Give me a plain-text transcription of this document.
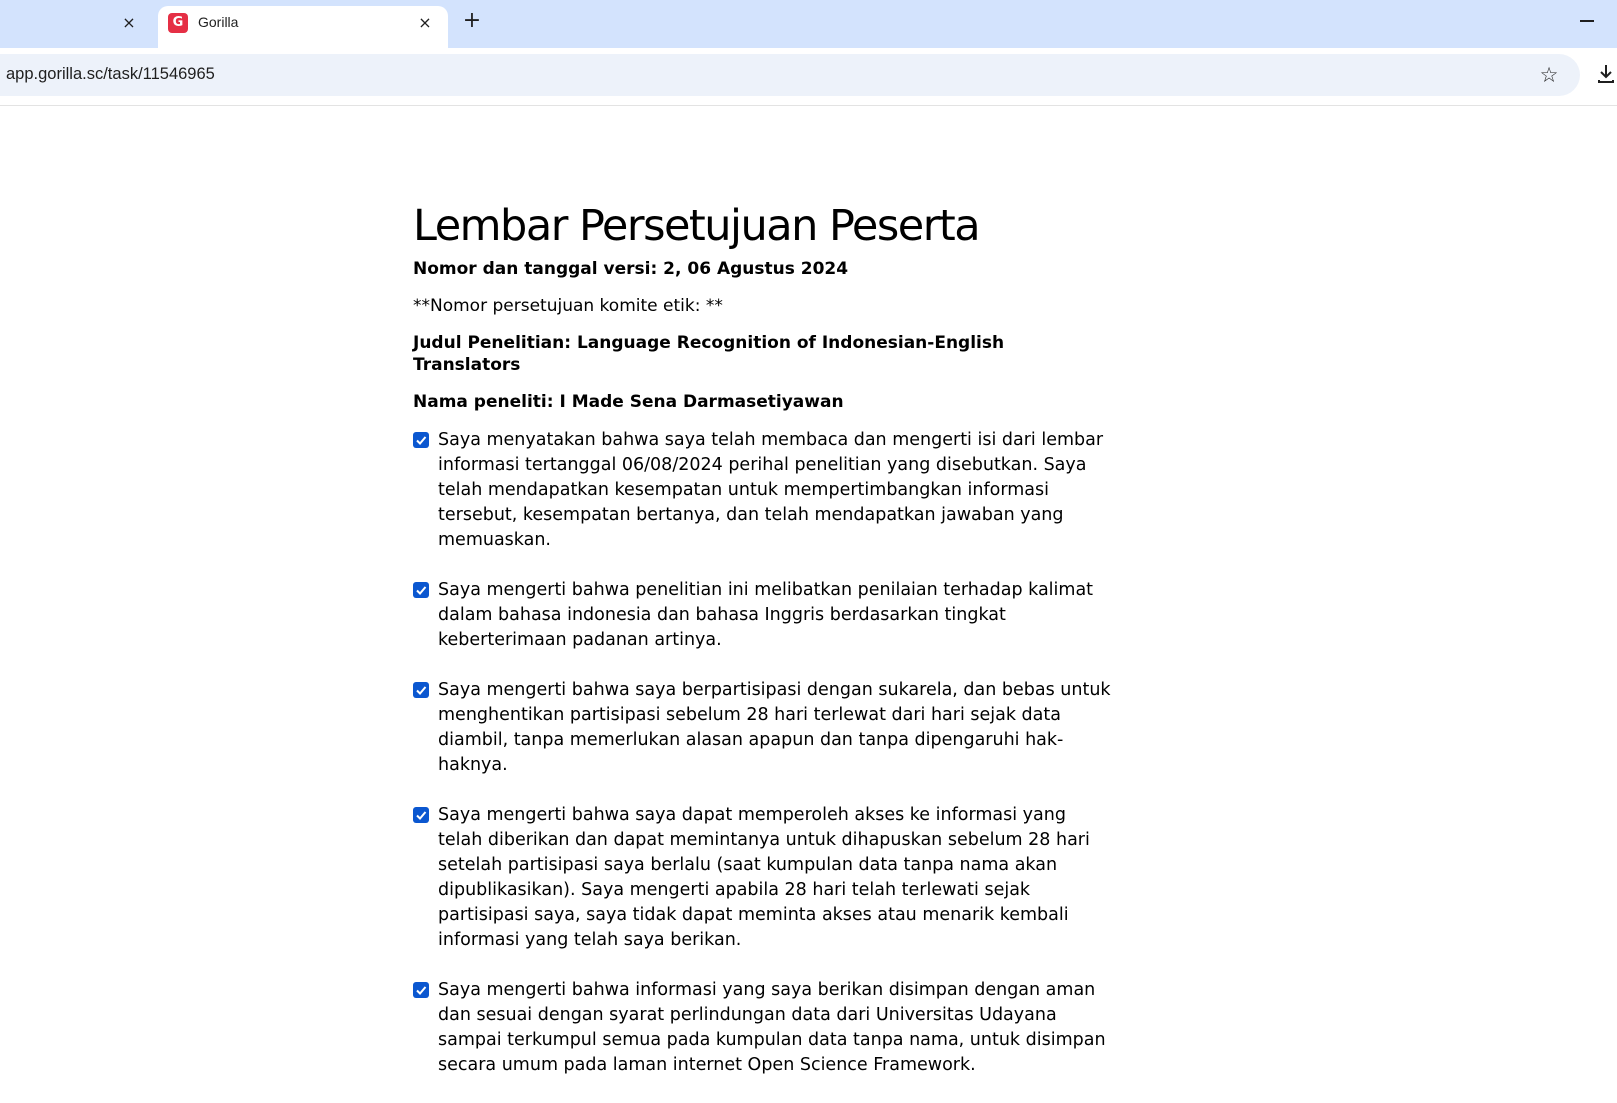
×	G	Gorilla	× +
app.gorilla.sc/task/11546965	☆
Lembar Persetujuan Peserta

Nomor dan tanggal versi: 2, 06 Agustus 2024

**Nomor persetujuan komite etik: **

Judul Penelitian: Language Recognition of Indonesian-English Translators

Nama peneliti: I Made Sena Darmasetiyawan

Saya menyatakan bahwa saya telah membaca dan mengerti isi dari lembar informasi tertanggal 06/08/2024 perihal penelitian yang disebutkan. Saya telah mendapatkan kesempatan untuk mempertimbangkan informasi tersebut, kesempatan bertanya, dan telah mendapatkan jawaban yang memuaskan.
Saya mengerti bahwa penelitian ini melibatkan penilaian terhadap kalimat dalam bahasa indonesia dan bahasa Inggris berdasarkan tingkat keberterimaan padanan artinya.
Saya mengerti bahwa saya berpartisipasi dengan sukarela, dan bebas untuk menghentikan partisipasi sebelum 28 hari terlewat dari hari sejak data diambil, tanpa memerlukan alasan apapun dan tanpa dipengaruhi hak-haknya.
Saya mengerti bahwa saya dapat memperoleh akses ke informasi yang telah diberikan dan dapat memintanya untuk dihapuskan sebelum 28 hari setelah partisipasi saya berlalu (saat kumpulan data tanpa nama akan dipublikasikan). Saya mengerti apabila 28 hari telah terlewati sejak partisipasi saya, saya tidak dapat meminta akses atau menarik kembali informasi yang telah saya berikan.
Saya mengerti bahwa informasi yang saya berikan disimpan dengan aman dan sesuai dengan syarat perlindungan data dari Universitas Udayana sampai terkumpul semua pada kumpulan data tanpa nama, untuk disimpan secara umum pada laman internet Open Science Framework.
